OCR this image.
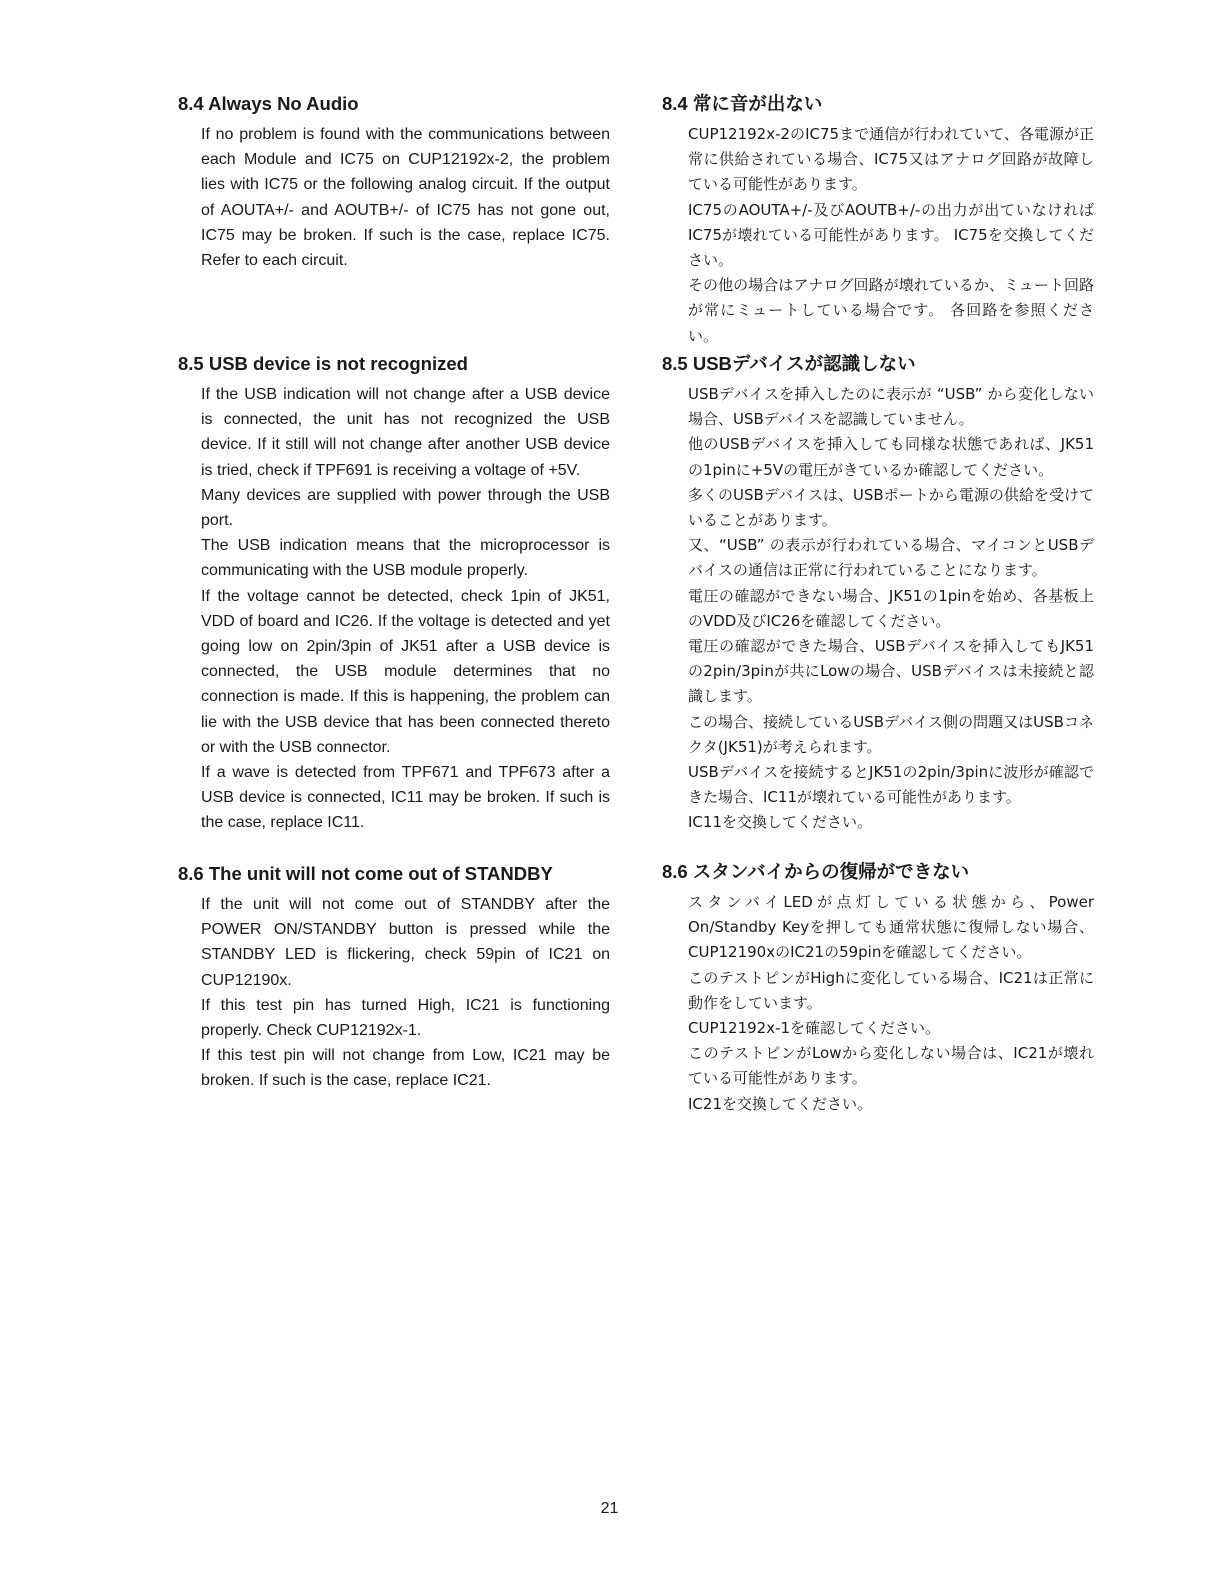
8.4 Always No Audio

If no problem is found with the communications between each Module and IC75 on CUP12192x-2, the problem lies with IC75 or the following analog circuit. If the output of AOUTA+/- and AOUTB+/- of IC75 has not gone out, IC75 may be broken. If such is the case, replace IC75. Refer to each circuit.

8.5 USB device is not recognized

If the USB indication will not change after a USB device is connected, the unit has not recognized the USB device. If it still will not change after another USB device is tried, check if TPF691 is receiving a voltage of +5V.

Many devices are supplied with power through the USB port.

The USB indication means that the microprocessor is communicating with the USB module properly.

If the voltage cannot be detected, check 1pin of JK51, VDD of board and IC26. If the voltage is detected and yet going low on 2pin/3pin of JK51 after a USB device is connected, the USB module determines that no connection is made. If this is happening, the problem can lie with the USB device that has been connected thereto or with the USB connector.

If a wave is detected from TPF671 and TPF673 after a USB device is connected, IC11 may be broken. If such is the case, replace IC11.

8.6 The unit will not come out of STANDBY

If the unit will not come out of STANDBY after the POWER ON/STANDBY button is pressed while the STANDBY LED is flickering, check 59pin of IC21 on CUP12190x.

If this test pin has turned High, IC21 is functioning properly. Check CUP12192x-1.

If this test pin will not change from Low, IC21 may be broken. If such is the case, replace IC21.

8.4 常に音が出ない

CUP12192x-2のIC75まで通信が行われていて、各電源が正常に供給されている場合、IC75又はアナログ回路が故障している可能性があります。

IC75のAOUTA+/-及びAOUTB+/-の出力が出ていなければIC75が壊れている可能性があります。 IC75を交換してください。

その他の場合はアナログ回路が壊れているか、ミュート回路が常にミュートしている場合です。 各回路を参照ください。

8.5 USBデバイスが認識しない

USBデバイスを挿入したのに表示が “USB” から変化しない場合、USBデバイスを認識していません。

他のUSBデバイスを挿入しても同様な状態であれば、JK51の1pinに+5Vの電圧がきているか確認してください。

多くのUSBデバイスは、USBポートから電源の供給を受けていることがあります。

又、“USB” の表示が行われている場合、マイコンとUSBデバイスの通信は正常に行われていることになります。

電圧の確認ができない場合、JK51の1pinを始め、各基板上のVDD及びIC26を確認してください。

電圧の確認ができた場合、USBデバイスを挿入してもJK51の2pin/3pinが共にLowの場合、USBデバイスは未接続と認識します。

この場合、接続しているUSBデバイス側の問題又はUSBコネクタ(JK51)が考えられます。

USBデバイスを接続するとJK51の2pin/3pinに波形が確認できた場合、IC11が壊れている可能性があります。

IC11を交換してください。

8.6 スタンバイからの復帰ができない

スタンバイLEDが点灯している状態から、Power On/Standby Keyを押しても通常状態に復帰しない場合、CUP12190xのIC21の59pinを確認してください。

このテストピンがHighに変化している場合、IC21は正常に動作をしています。

CUP12192x-1を確認してください。

このテストピンがLowから変化しない場合は、IC21が壊れている可能性があります。

IC21を交換してください。

21
